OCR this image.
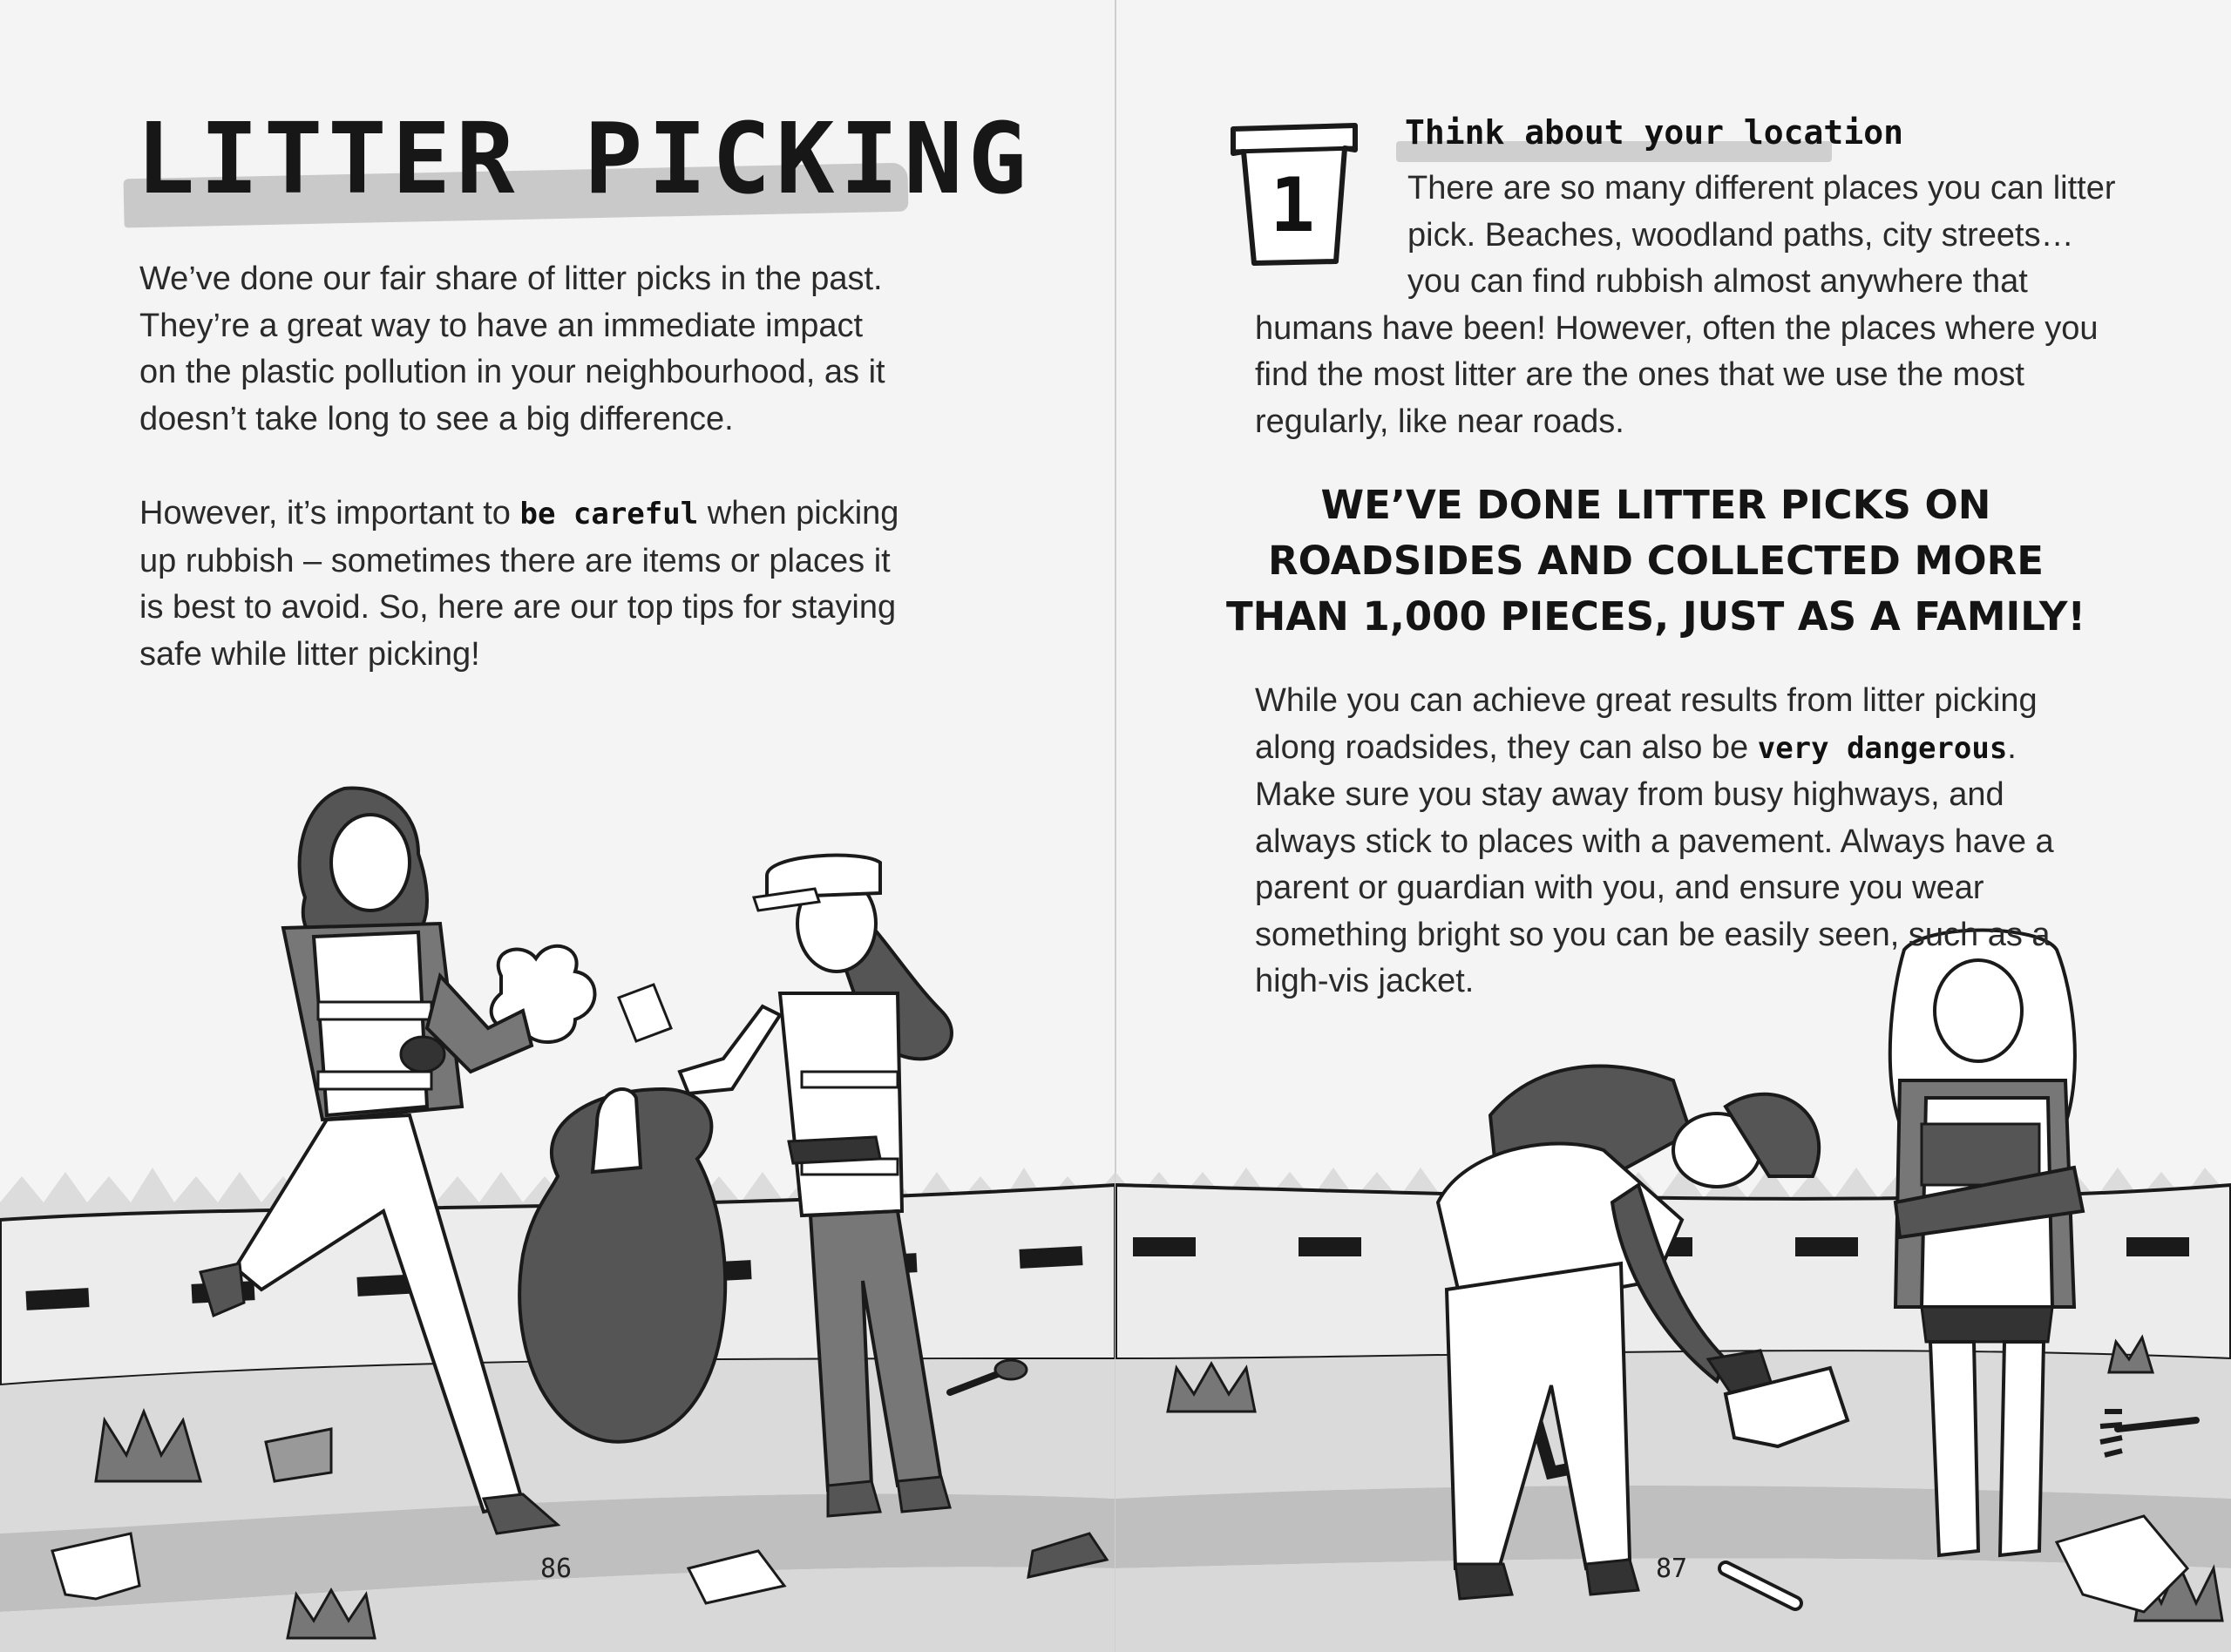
LITTER PICKING

We’ve done our fair share of litter picks in the past. They’re a great way to have an immediate impact on the plastic pollution in your neighbourhood, as it doesn’t take long to see a big difference.

However, it’s important to be careful when picking up rubbish – sometimes there are items or places it is best to avoid. So, here are our top tips for staying safe while litter picking!

86
1
Think about your location

There are so many different places you can litter pick. Beaches, woodland paths, city streets…

you can find rubbish almost anywhere that humans have been! However, often the places where you find the most litter are the ones that we use the most regularly, like near roads.

WE’VE DONE LITTER PICKS ON
ROADSIDES AND COLLECTED MORE
THAN 1,000 PIECES, JUST AS A FAMILY!

While you can achieve great results from litter picking along roadsides, they can also be very dangerous. Make sure you stay away from busy highways, and always stick to places with a pavement. Always have a parent or guardian with you, and ensure you wear something bright so you can be easily seen, such as a high-vis jacket.

87
